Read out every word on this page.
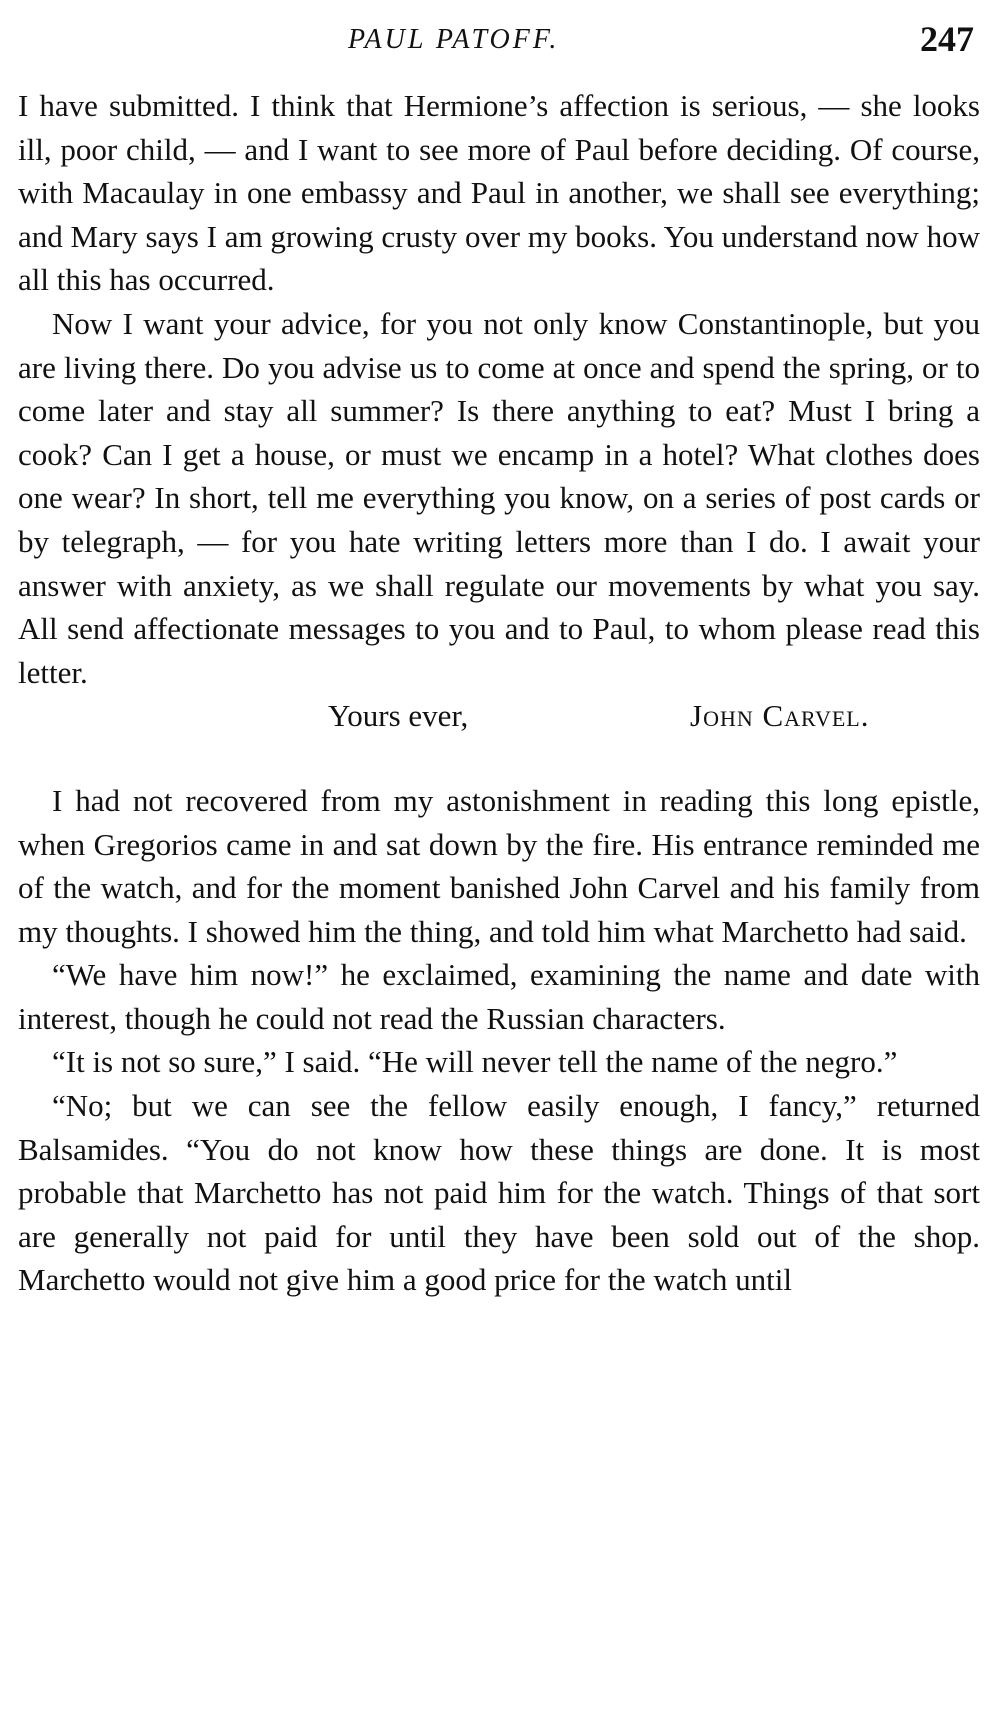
PAUL PATOFF.	247

I have submitted. I think that Hermione’s affection is serious, — she looks ill, poor child, — and I want to see more of Paul before deciding. Of course, with Macaulay in one embassy and Paul in another, we shall see everything; and Mary says I am growing crusty over my books. You understand now how all this has occurred.

Now I want your advice, for you not only know Constantinople, but you are living there. Do you advise us to come at once and spend the spring, or to come later and stay all summer? Is there anything to eat? Must I bring a cook? Can I get a house, or must we encamp in a hotel? What clothes does one wear? In short, tell me everything you know, on a series of post cards or by telegraph, — for you hate writing letters more than I do. I await your answer with anxiety, as we shall regulate our movements by what you say. All send affectionate messages to you and to Paul, to whom please read this letter.

Yours ever,	John Carvel.

I had not recovered from my astonishment in reading this long epistle, when Gregorios came in and sat down by the fire. His entrance reminded me of the watch, and for the moment banished John Carvel and his family from my thoughts. I showed him the thing, and told him what Marchetto had said.

“We have him now!” he exclaimed, examining the name and date with interest, though he could not read the Russian characters.

“It is not so sure,” I said. “He will never tell the name of the negro.”

“No; but we can see the fellow easily enough, I fancy,” returned Balsamides. “You do not know how these things are done. It is most probable that Marchetto has not paid him for the watch. Things of that sort are generally not paid for until they have been sold out of the shop. Marchetto would not give him a good price for the watch until
